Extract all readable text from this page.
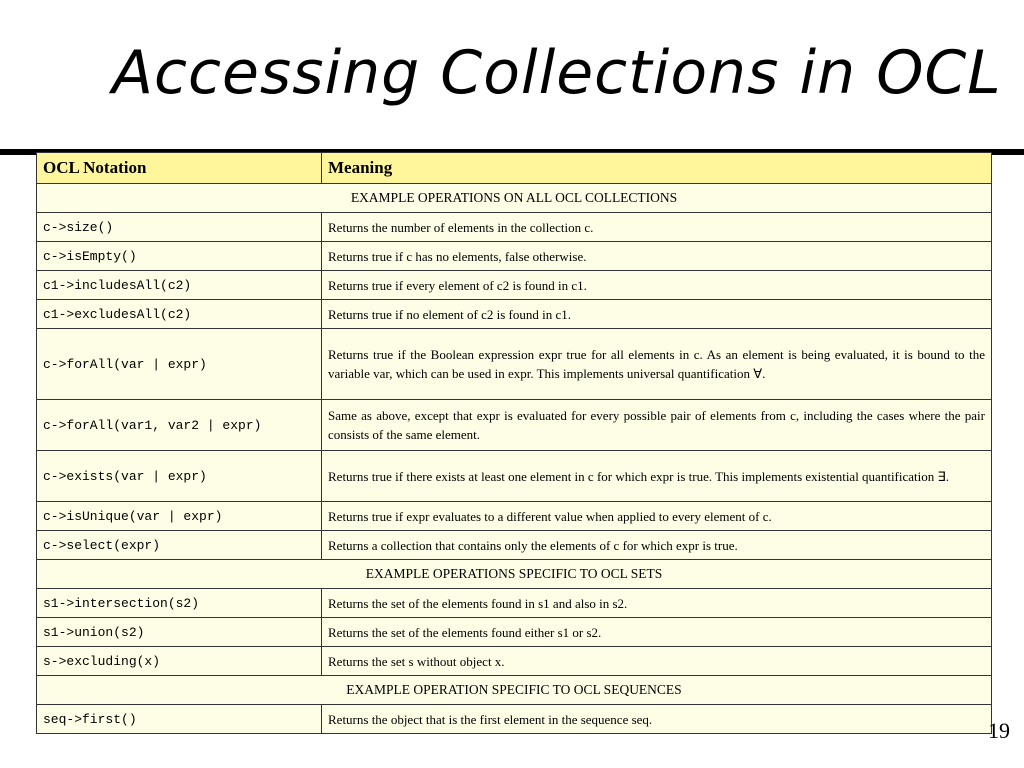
Accessing Collections in OCL
OCL Notation	Meaning
EXAMPLE OPERATIONS ON ALL OCL COLLECTIONS	
c->size()	Returns the number of elements in the collection c.
c->isEmpty()	Returns true if c has no elements, false otherwise.
c1->includesAll(c2)	Returns true if every element of c2 is found in c1.
c1->excludesAll(c2)	Returns true if no element of c2 is found in c1.
c->forAll(var | expr)	Returns true if the Boolean expression expr true for all elements in c. As an element is being evaluated, it is bound to the variable var, which can be used in expr. This implements universal quantification ∀.
c->forAll(var1, var2 | expr)	Same as above, except that expr is evaluated for every possible pair of elements from c, including the cases where the pair consists of the same element.
c->exists(var | expr)	Returns true if there exists at least one element in c for which expr is true. This implements existential quantification ∃.
c->isUnique(var | expr)	Returns true if expr evaluates to a different value when applied to every element of c.
c->select(expr)	Returns a collection that contains only the elements of c for which expr is true.
EXAMPLE OPERATIONS SPECIFIC TO OCL SETS	
s1->intersection(s2)	Returns the set of the elements found in s1 and also in s2.
s1->union(s2)	Returns the set of the elements found either s1 or s2.
s->excluding(x)	Returns the set s without object x.
EXAMPLE OPERATION SPECIFIC TO OCL SEQUENCES	
seq->first()	Returns the object that is the first element in the sequence seq.	19
